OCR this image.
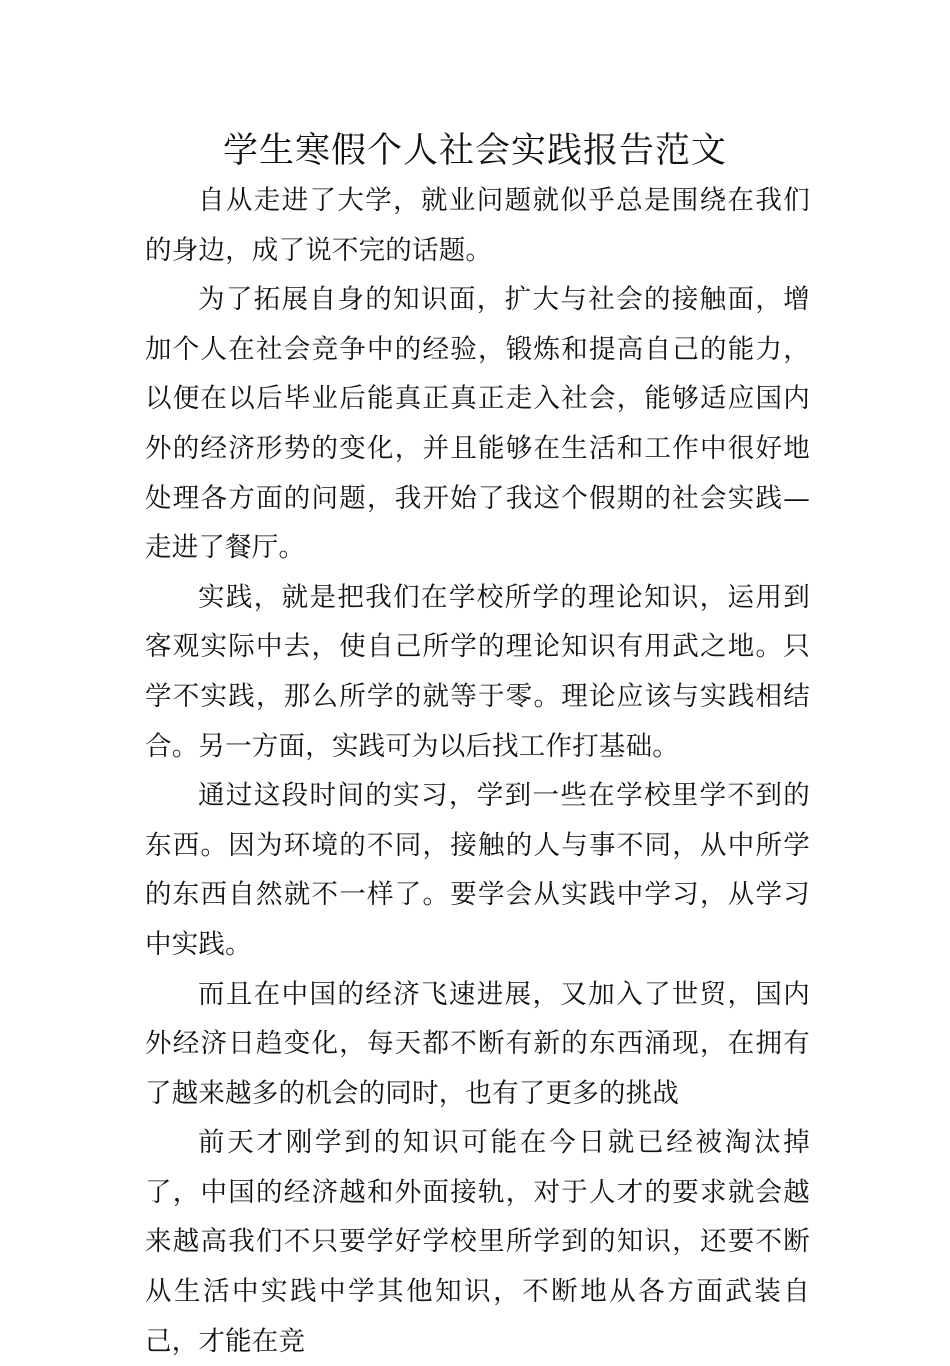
学生寒假个人社会实践报告范文

自从走进了大学，就业问题就似乎总是围绕在我们的身边，成了说不完的话题。

为了拓展自身的知识面，扩大与社会的接触面，增加个人在社会竞争中的经验，锻炼和提高自己的能力，以便在以后毕业后能真正真正走入社会，能够适应国内外的经济形势的变化，并且能够在生活和工作中很好地处理各方面的问题，我开始了我这个假期的社会实践—走进了餐厅。

实践，就是把我们在学校所学的理论知识，运用到客观实际中去，使自己所学的理论知识有用武之地。只学不实践，那么所学的就等于零。理论应该与实践相结合。另一方面，实践可为以后找工作打基础。

通过这段时间的实习，学到一些在学校里学不到的东西。因为环境的不同，接触的人与事不同，从中所学的东西自然就不一样了。要学会从实践中学习，从学习中实践。

而且在中国的经济飞速进展，又加入了世贸，国内外经济日趋变化，每天都不断有新的东西涌现，在拥有了越来越多的机会的同时，也有了更多的挑战

前天才刚学到的知识可能在今日就已经被淘汰掉了，中国的经济越和外面接轨，对于人才的要求就会越来越高我们不只要学好学校里所学到的知识，还要不断从生活中实践中学其他知识，不断地从各方面武装自己，才能在竞
